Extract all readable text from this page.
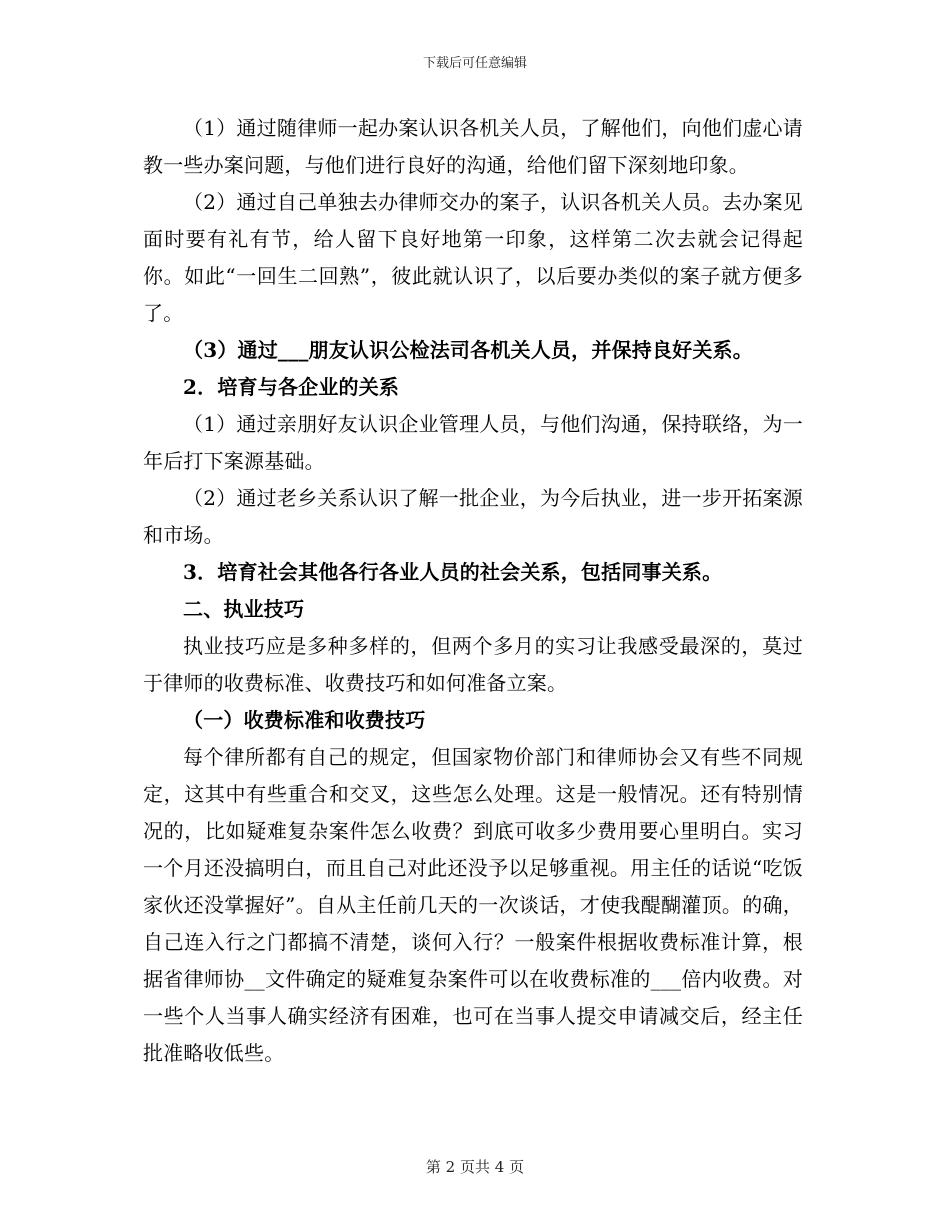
下载后可任意编辑

（1）通过随律师一起办案认识各机关人员，了解他们，向他们虚心请教一些办案问题，与他们进行良好的沟通，给他们留下深刻地印象。

（2）通过自己单独去办律师交办的案子，认识各机关人员。去办案见面时要有礼有节，给人留下良好地第一印象，这样第二次去就会记得起你。如此“一回生二回熟”，彼此就认识了，以后要办类似的案子就方便多了。

（3）通过___朋友认识公检法司各机关人员，并保持良好关系。

2．培育与各企业的关系

（1）通过亲朋好友认识企业管理人员，与他们沟通，保持联络，为一年后打下案源基础。

（2）通过老乡关系认识了解一批企业，为今后执业，进一步开拓案源和市场。

3．培育社会其他各行各业人员的社会关系，包括同事关系。

二、执业技巧

执业技巧应是多种多样的，但两个多月的实习让我感受最深的，莫过于律师的收费标准、收费技巧和如何准备立案。

（一）收费标准和收费技巧

每个律所都有自己的规定，但国家物价部门和律师协会又有些不同规定，这其中有些重合和交叉，这些怎么处理。这是一般情况。还有特别情况的，比如疑难复杂案件怎么收费？到底可收多少费用要心里明白。实习一个月还没搞明白，而且自己对此还没予以足够重视。用主任的话说“吃饭家伙还没掌握好”。自从主任前几天的一次谈话，才使我醍醐灌顶。的确，自己连入行之门都搞不清楚，谈何入行？一般案件根据收费标准计算，根据省律师协__文件确定的疑难复杂案件可以在收费标准的___倍内收费。对一些个人当事人确实经济有困难，也可在当事人提交申请减交后，经主任批准略收低些。

第 2 页共 4 页
